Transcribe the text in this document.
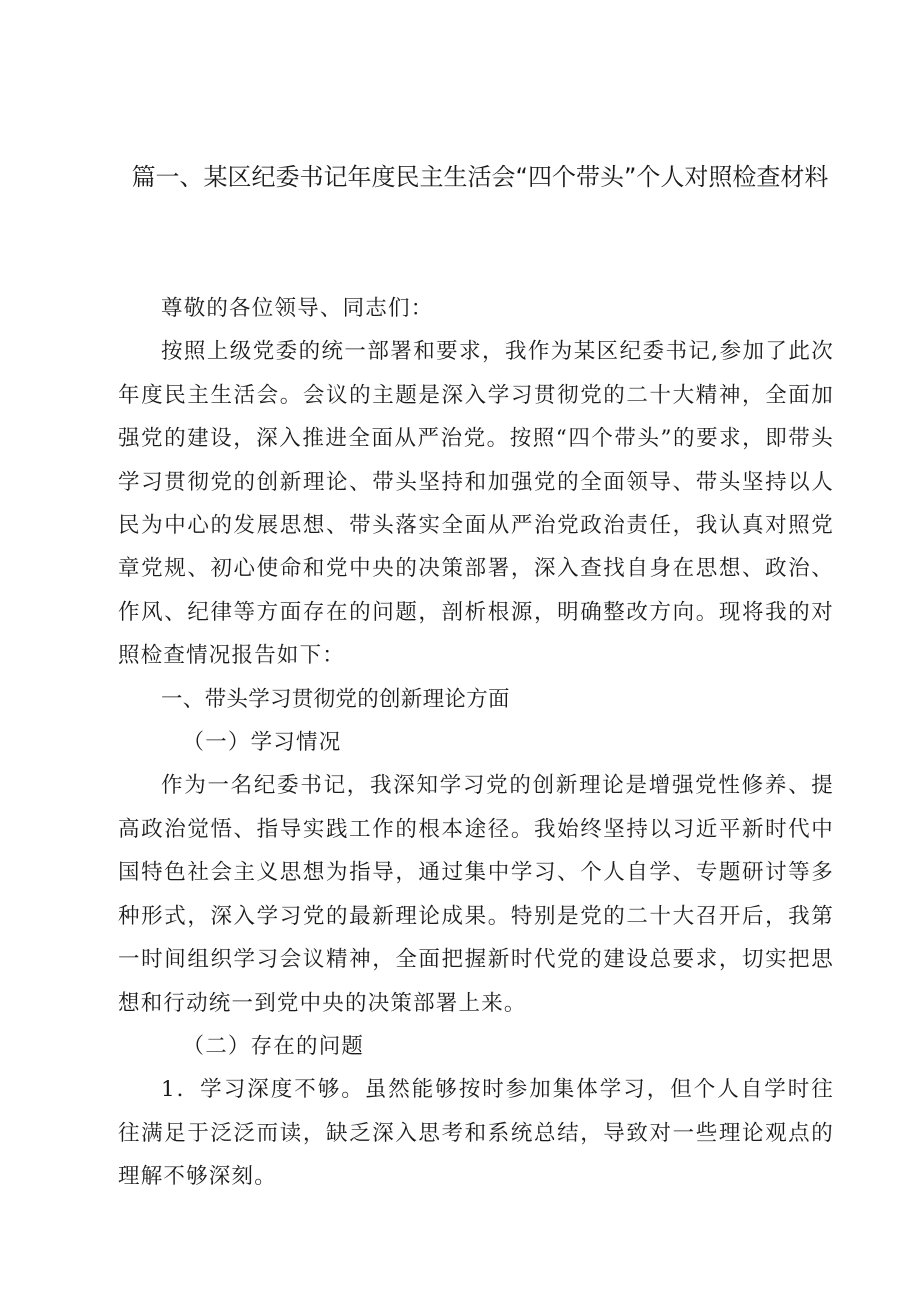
篇一、某区纪委书记年度民主生活会“四个带头”个人对照检查材料

尊敬的各位领导、同志们：

按照上级党委的统一部署和要求，我作为某区纪委书记,参加了此次年度民主生活会。会议的主题是深入学习贯彻党的二十大精神，全面加强党的建设，深入推进全面从严治党。按照“四个带头”的要求，即带头学习贯彻党的创新理论、带头坚持和加强党的全面领导、带头坚持以人民为中心的发展思想、带头落实全面从严治党政治责任，我认真对照党章党规、初心使命和党中央的决策部署，深入查找自身在思想、政治、作风、纪律等方面存在的问题，剖析根源，明确整改方向。现将我的对照检查情况报告如下：

一、带头学习贯彻党的创新理论方面

（一）学习情况

作为一名纪委书记，我深知学习党的创新理论是增强党性修养、提高政治觉悟、指导实践工作的根本途径。我始终坚持以习近平新时代中国特色社会主义思想为指导，通过集中学习、个人自学、专题研讨等多种形式，深入学习党的最新理论成果。特别是党的二十大召开后，我第一时间组织学习会议精神，全面把握新时代党的建设总要求，切实把思想和行动统一到党中央的决策部署上来。

（二）存在的问题

1．学习深度不够。虽然能够按时参加集体学习，但个人自学时往往满足于泛泛而读，缺乏深入思考和系统总结，导致对一些理论观点的理解不够深刻。
